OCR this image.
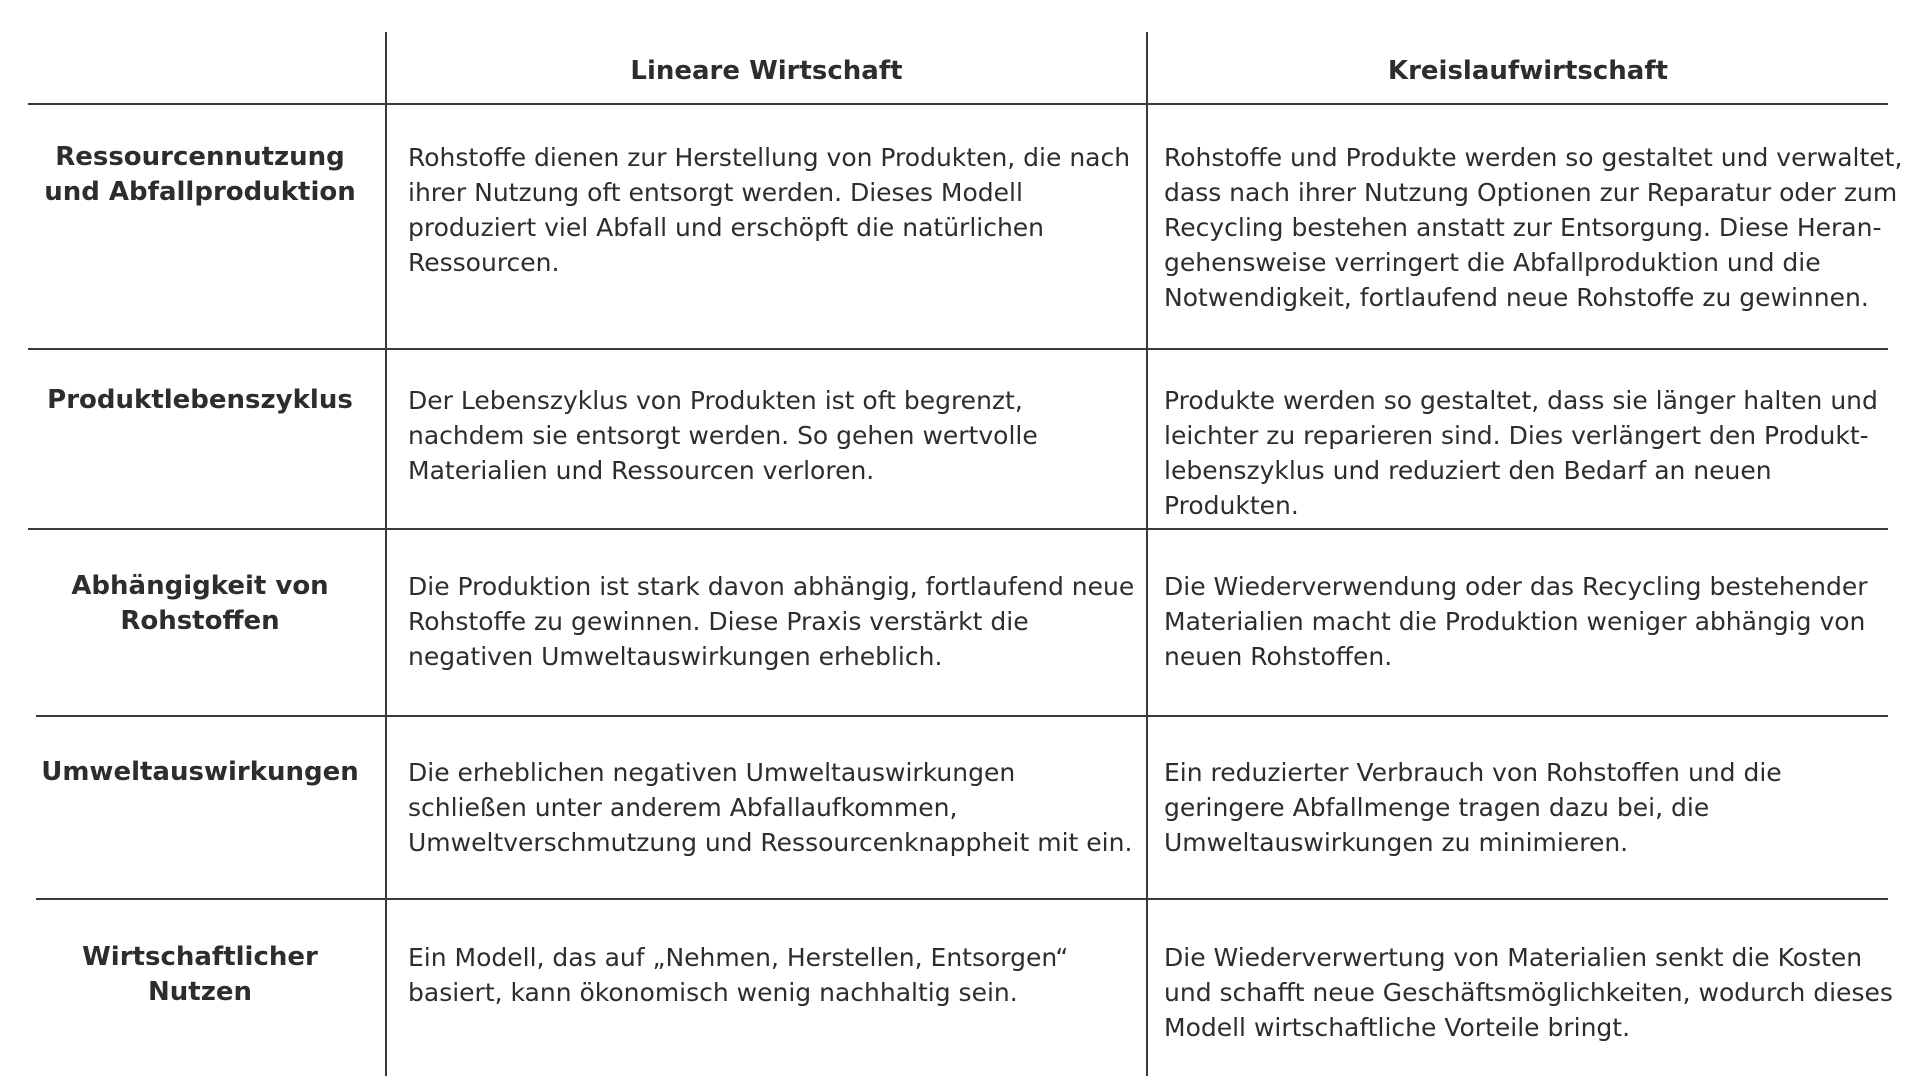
Lineare Wirtschaft	Kreislaufwirtschaft
Ressourcennutzung und Abfallproduktion
Rohstoffe dienen zur Herstellung von Produkten, die nach ihrer Nutzung oft entsorgt werden. Dieses Modell produziert viel Abfall und erschöpft die natürlichen Ressourcen.
Rohstoffe und Produkte werden so gestaltet und verwaltet, dass nach ihrer Nutzung Optionen zur Reparatur oder zum Recycling bestehen anstatt zur Entsorgung. Diese Herangehensweise verringert die Abfallproduktion und die Notwendigkeit, fortlaufend neue Rohstoffe zu gewinnen.
Produktlebenszyklus Der Lebenszyklus von Produkten ist oft begrenzt, nachdem sie entsorgt werden. So gehen wertvolle Materialien und Ressourcen verloren.
Produkte werden so gestaltet, dass sie länger halten und leichter zu reparieren sind. Dies verlängert den Produktlebenszyklus und reduziert den Bedarf an neuen Produkten.
Abhängigkeit von Rohstoffen
Die Produktion ist stark davon abhängig, fortlaufend neue Rohstoffe zu gewinnen. Diese Praxis verstärkt die negativen Umweltauswirkungen erheblich.
Die Wiederverwendung oder das Recycling bestehender Materialien macht die Produktion weniger abhängig von neuen Rohstoffen.
Umweltauswirkungen Die erheblichen negativen Umweltauswirkungen schließen unter anderem Abfallaufkommen, Umweltverschmutzung und Ressourcenknappheit mit ein.
Ein reduzierter Verbrauch von Rohstoffen und die geringere Abfallmenge tragen dazu bei, die Umweltauswirkungen zu minimieren.
Wirtschaftlicher Nutzen
Ein Modell, das auf „Nehmen, Herstellen, Entsorgen“ basiert, kann ökonomisch wenig nachhaltig sein.
Die Wiederverwertung von Materialien senkt die Kosten und schafft neue Geschäftsmöglichkeiten, wodurch dieses Modell wirtschaftliche Vorteile bringt.
